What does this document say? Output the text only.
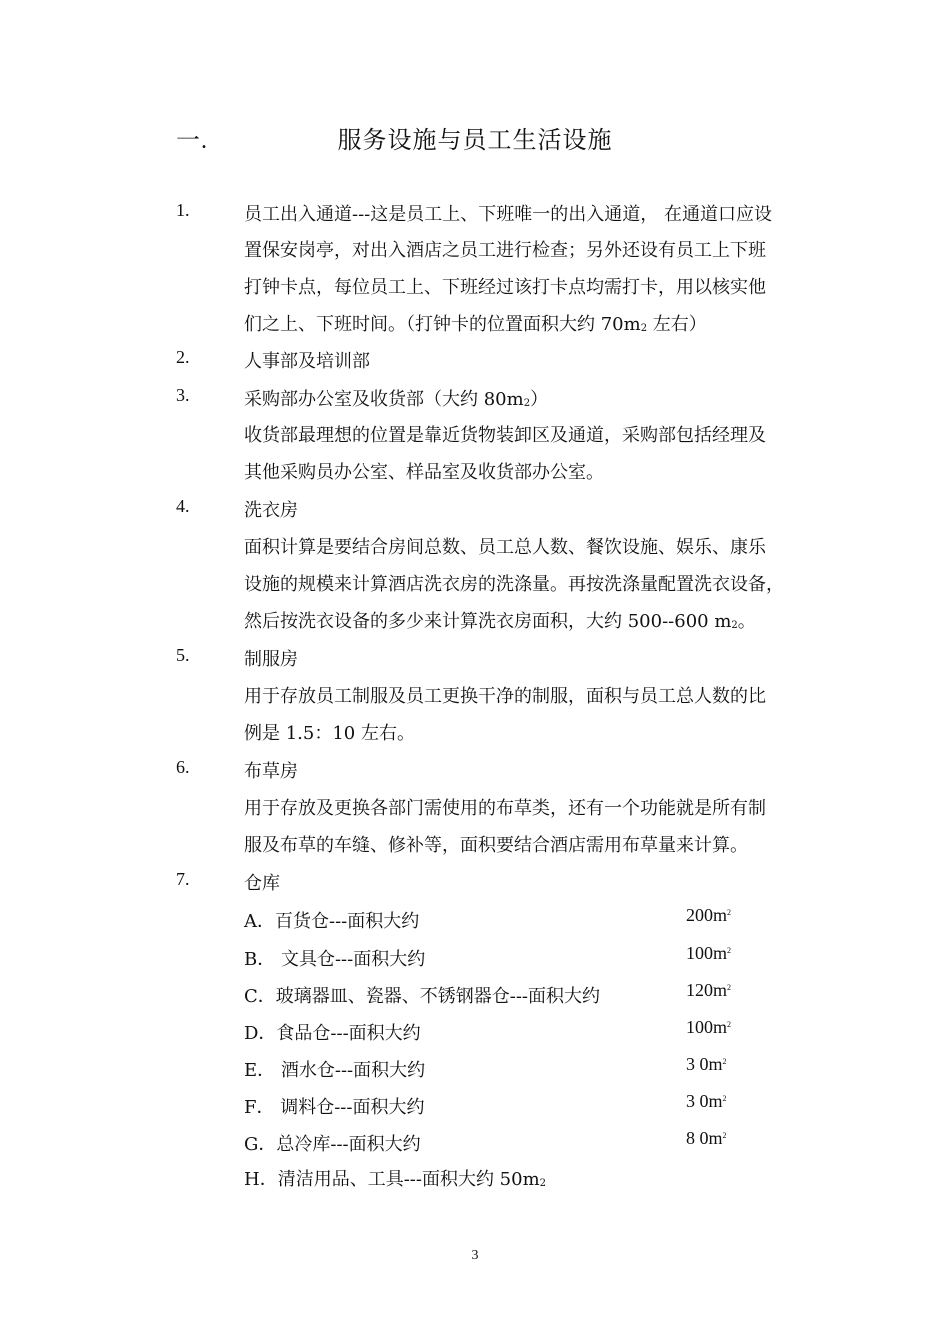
一.	服务设施与员工生活设施
1.	员工出入通道---这是员工上、下班唯一的出入通道， 在通道口应设
置保安岗亭，对出入酒店之员工进行检查；另外还设有员工上下班
打钟卡点，每位员工上、下班经过该打卡点均需打卡，用以核实他
们之上、下班时间。（打钟卡的位置面积大约 70m2 左右）
2.	人事部及培训部
3.	采购部办公室及收货部（大约 80m2）
收货部最理想的位置是靠近货物装卸区及通道，采购部包括经理及
其他采购员办公室、样品室及收货部办公室。
4.	洗衣房
面积计算是要结合房间总数、员工总人数、餐饮设施、娱乐、康乐
设施的规模来计算酒店洗衣房的洗涤量。再按洗涤量配置洗衣设备，
然后按洗衣设备的多少来计算洗衣房面积，大约 500--600 m2。
5.	制服房
用于存放员工制服及员工更换干净的制服，面积与员工总人数的比
例是 1.5：10 左右。
6.	布草房
用于存放及更换各部门需使用的布草类，还有一个功能就是所有制
服及布草的车缝、修补等，面积要结合酒店需用布草量来计算。
7.	仓库
A．百货仓---面积大约	$200m^2$
B． 文具仓---面积大约	$100m^2$
C．玻璃器皿、瓷器、不锈钢器仓---面积大约	$120m^2$
D．食品仓---面积大约	$100m^2$
E． 酒水仓---面积大约	3 $0m^2$
F． 调料仓---面积大约	3 $0m^2$
G．总冷库---面积大约	8 $0m^2$
H．清洁用品、工具---面积大约 50m2
3
